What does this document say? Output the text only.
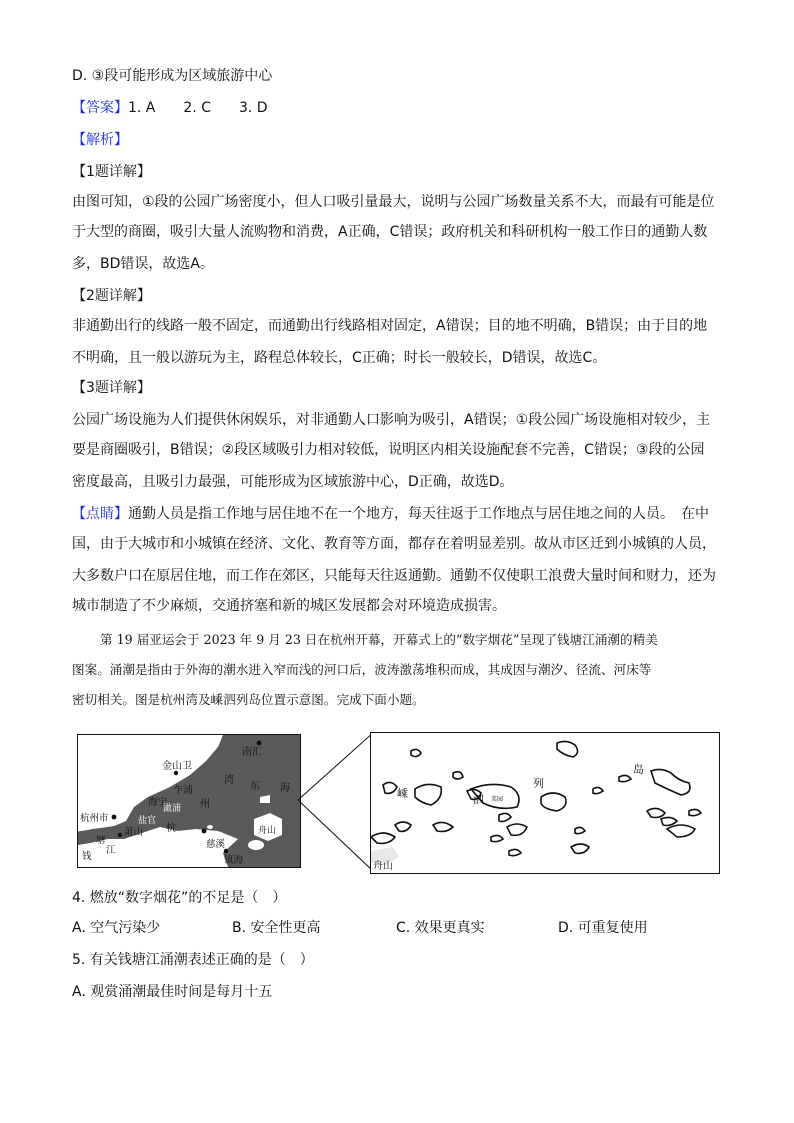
D. ③段可能形成为区域旅游中心
【答案】1. A　　2. C　　3. D
【解析】
【1题详解】
由图可知，①段的公园广场密度小，但人口吸引量最大，说明与公园广场数量关系不大，而最有可能是位
于大型的商圈，吸引大量人流购物和消费，A正确，C错误；政府机关和科研机构一般工作日的通勤人数
多，BD错误，故选A。
【2题详解】
非通勤出行的线路一般不固定，而通勤出行线路相对固定，A错误；目的地不明确，B错误；由于目的地
不明确，且一般以游玩为主，路程总体较长，C正确；时长一般较长，D错误，故选C。
【3题详解】
公园广场设施为人们提供休闲娱乐，对非通勤人口影响为吸引，A错误；①段公园广场设施相对较少，主
要是商圈吸引，B错误；②段区域吸引力相对较低，说明区内相关设施配套不完善，C错误；③段的公园
密度最高，且吸引力最强，可能形成为区域旅游中心，D正确，故选D。
【点睛】通勤人员是指工作地与居住地不在一个地方，每天往返于工作地点与居住地之间的人员。　在中
国，由于大城市和小城镇在经济、文化、教育等方面，都存在着明显差别。故从市区迁到小城镇的人员，
大多数户口在原居住地，而工作在郊区，只能每天往返通勤。通勤不仅使职工浪费大量时间和财力，还为
城市制造了不少麻烦，交通挤塞和新的城区发展都会对环境造成损害。
第 19 届亚运会于 2023 年 9 月 23 日在杭州开幕，开幕式上的“数字烟花”呈现了钱塘江涌潮的精美
图案。涌潮是指由于外海的潮水进入窄而浅的河口后，波涛激荡堆积而成，其成因与潮汐、径流、河床等
密切相关。图是杭州湾及嵊泗列岛位置示意图。完成下面小题。
南汇
金山卫
乍浦
海宁
澉浦
盐官
杭州市
萧山
钱
塘
江
杭
州
湾
东 海
慈溪
镇海
舟山
嵊	泗
列
岛
菜园
舟山
4. 燃放“数字烟花”的不足是（　）
A. 空气污染少	B. 安全性更高	C. 效果更真实	D. 可重复使用
5. 有关钱塘江涌潮表述正确的是（　）
A. 观赏涌潮最佳时间是每月十五
